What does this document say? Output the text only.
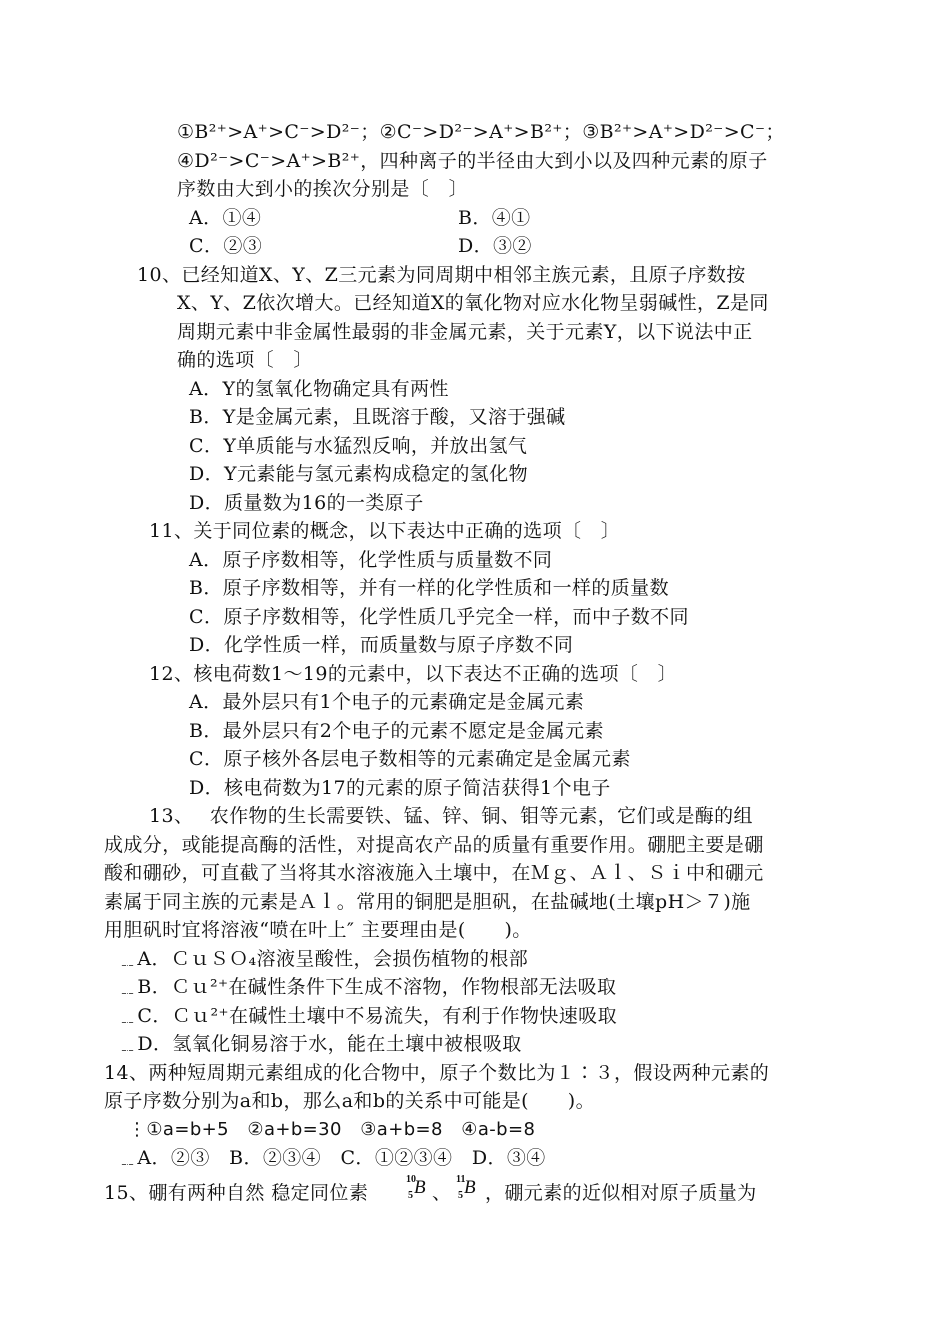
①B²⁺>A⁺>C⁻>D²⁻；②C⁻>D²⁻>A⁺>B²⁺；③B²⁺>A⁺>D²⁻>C⁻；
④D²⁻>C⁻>A⁺>B²⁺，四种离子的半径由大到小以及四种元素的原子
序数由大到小的挨次分别是〔　〕
A．①④	B．④①
C．②③	D．③②
10、已经知道X、Y、Z三元素为同周期中相邻主族元素，且原子序数按
X、Y、Z依次增大。已经知道X的氧化物对应水化物呈弱碱性，Z是同
周期元素中非金属性最弱的非金属元素，关于元素Y，以下说法中正
确的选项〔　〕
A．Y的氢氧化物确定具有两性
B．Y是金属元素，且既溶于酸，又溶于强碱
C．Y单质能与水猛烈反响，并放出氢气
D．Y元素能与氢元素构成稳定的氢化物
D．质量数为16的一类原子
11、关于同位素的概念，以下表达中正确的选项〔　〕
A．原子序数相等，化学性质与质量数不同
B．原子序数相等，并有一样的化学性质和一样的质量数
C．原子序数相等，化学性质几乎完全一样，而中子数不同
D．化学性质一样，而质量数与原子序数不同
12、核电荷数1～19的元素中，以下表达不正确的选项〔　〕
A．最外层只有1个电子的元素确定是金属元素
B．最外层只有2个电子的元素不愿定是金属元素
C．原子核外各层电子数相等的元素确定是金属元素
D．核电荷数为17的元素的原子简洁获得1个电子
13、　 农作物的生长需要铁、锰、锌、铜、钼等元素，它们或是酶的组
成成分，或能提高酶的活性，对提高农产品的质量有重要作用。硼肥主要是硼
酸和硼砂，可直截了当将其水溶液施入土壤中，在Ｍｇ、Ａｌ、Ｓｉ中和硼元
素属于同主族的元素是Ａｌ。常用的铜肥是胆矾，在盐碱地(土壤pH＞７)施
用胆矾时宜将溶液“喷在叶上″ 主要理由是(　　)。
﹎A．ＣｕＳＯ₄溶液呈酸性，会损伤植物的根部
﹎B．Ｃｕ²⁺在碱性条件下生成不溶物，作物根部无法吸取
﹎C．Ｃｕ²⁺在碱性土壤中不易流失，有利于作物快速吸取
﹎D．氢氧化铜易溶于水，能在土壤中被根吸取
14、两种短周期元素组成的化合物中，原子个数比为１∶３，假设两种元素的
原子序数分别为a和b，那么a和b的关系中可能是(　　)。
⋮①a=b+5　②a+b=30　③a+b=8　④a-b=8
﹎A．②③　B．②③④　C．①②③④　D．③④
15、硼有两种自然 稳定同位素
10
5 B 、
11
5 B ，硼元素的近似相对原子质量为
